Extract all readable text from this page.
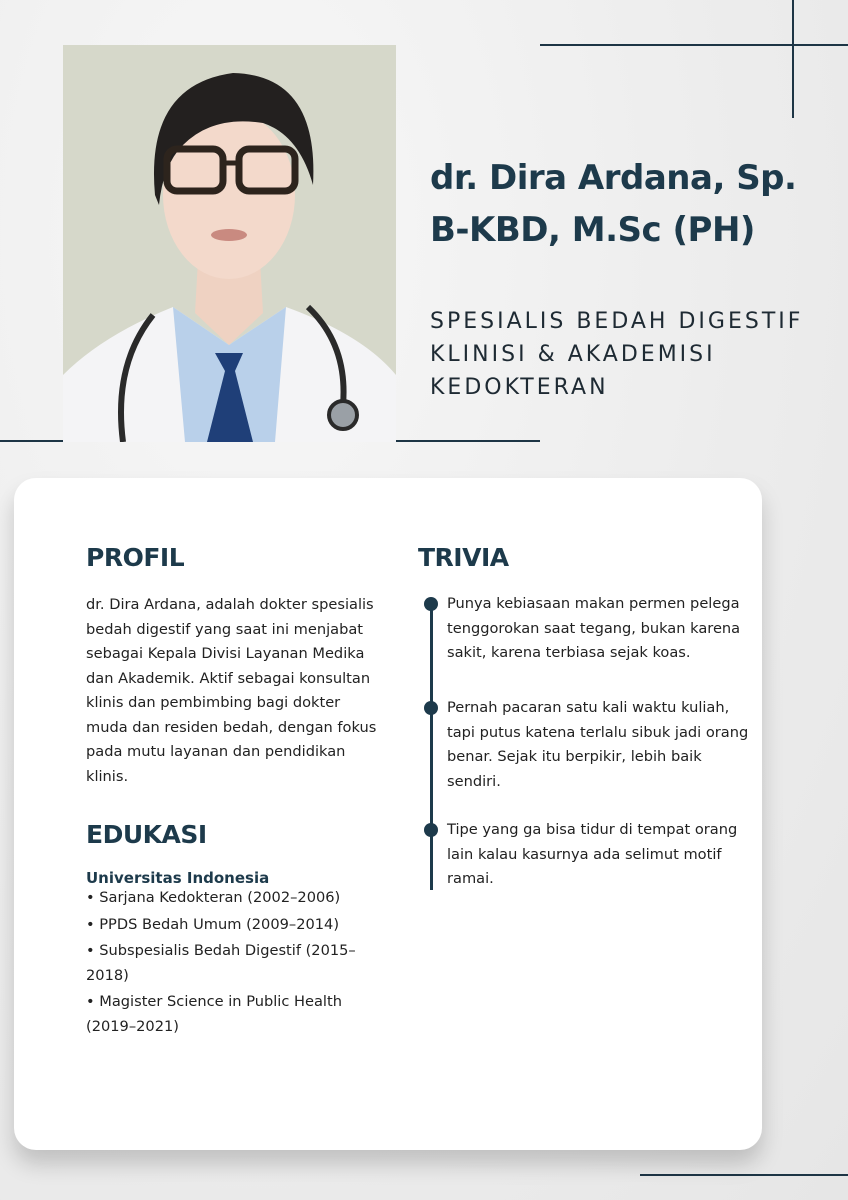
dr. Dira Ardana, Sp. B-KBD, M.Sc (PH)
SPESIALIS BEDAH DIGESTIF KLINISI & AKADEMISI KEDOKTERAN
PROFIL
dr. Dira Ardana, adalah dokter spesialis bedah digestif yang saat ini menjabat sebagai Kepala Divisi Layanan Medika dan Akademik. Aktif sebagai konsultan klinis dan pembimbing bagi dokter muda dan residen bedah, dengan fokus pada mutu layanan dan pendidikan klinis.
EDUKASI
Universitas Indonesia
• Sarjana Kedokteran (2002–2006)
• PPDS Bedah Umum (2009–2014)
• Subspesialis Bedah Digestif (2015–2018)
• Magister Science in Public Health (2019–2021)
TRIVIA
Punya kebiasaan makan permen pelega tenggorokan saat tegang, bukan karena sakit, karena terbiasa sejak koas.
Pernah pacaran satu kali waktu kuliah, tapi putus katena terlalu sibuk jadi orang benar. Sejak itu berpikir, lebih baik sendiri.
Tipe yang ga bisa tidur di tempat orang lain kalau kasurnya ada selimut motif ramai.
